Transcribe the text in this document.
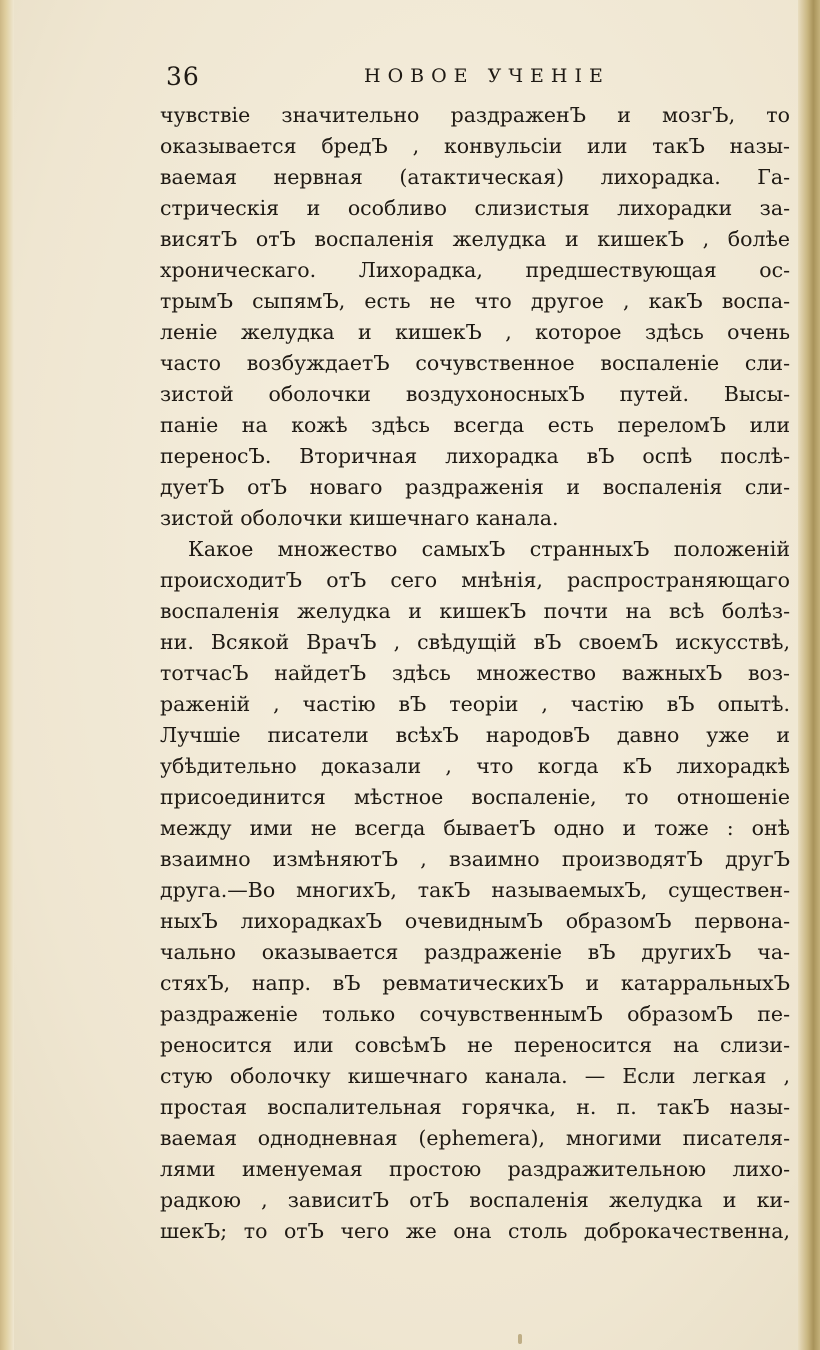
36	НОВОЕ УЧЕНІЕ
чувствіе значительно раздраженЪ и мозгЪ, то
оказывается бредЪ , конвульсіи или такЪ назы-
ваемая нервная (атактическая) лихорадка. Га-
стрическія и особливо слизистыя лихорадки за-
висятЪ отЪ воспаленія желудка и кишекЪ , болѣе
хроническаго. Лихорадка, предшествующая ос-
трымЪ сыпямЪ, есть не что другое , какЪ воспа-
леніе желудка и кишекЪ , которое здѣсь очень
часто возбуждаетЪ сочувственное воспаленіе сли-
зистой оболочки воздухоносныхЪ путей. Высы-
паніе на кожѣ здѣсь всегда есть переломЪ или
переносЪ. Вторичная лихорадка вЪ оспѣ послѣ-
дуетЪ отЪ новаго раздраженія и воспаленія сли-
зистой оболочки кишечнаго канала.
Какое множество самыхЪ странныхЪ положеній
происходитЪ отЪ сего мнѣнія, распространяющаго
воспаленія желудка и кишекЪ почти на всѣ болѣз-
ни. Всякой ВрачЪ , свѣдущій вЪ своемЪ искусствѣ,
тотчасЪ найдетЪ здѣсь множество важныхЪ воз-
раженій , частію вЪ теоріи , частію вЪ опытѣ.
Лучшіе писатели всѣхЪ народовЪ давно уже и
убѣдительно доказали , что когда кЪ лихорадкѣ
присоединится мѣстное воспаленіе, то отношеніе
между ими не всегда бываетЪ одно и тоже : онѣ
взаимно измѣняютЪ , взаимно производятЪ другЪ
друга.—Во многихЪ, такЪ называемыхЪ, существен-
ныхЪ лихорадкахЪ очевиднымЪ образомЪ первона-
чально оказывается раздраженіе вЪ другихЪ ча-
стяхЪ, напр. вЪ ревматическихЪ и катарральныхЪ
раздраженіе только сочувственнымЪ образомЪ пе-
реносится или совсѣмЪ не переносится на слизи-
стую оболочку кишечнаго канала. — Если легкая ,
простая воспалительная горячка, н. п. такЪ назы-
ваемая однодневная (ephemera), многими писателя-
лями именуемая простою раздражительною лихо-
радкою , зависитЪ отЪ воспаленія желудка и ки-
шекЪ; то отЪ чего же она столь доброкачественна,
